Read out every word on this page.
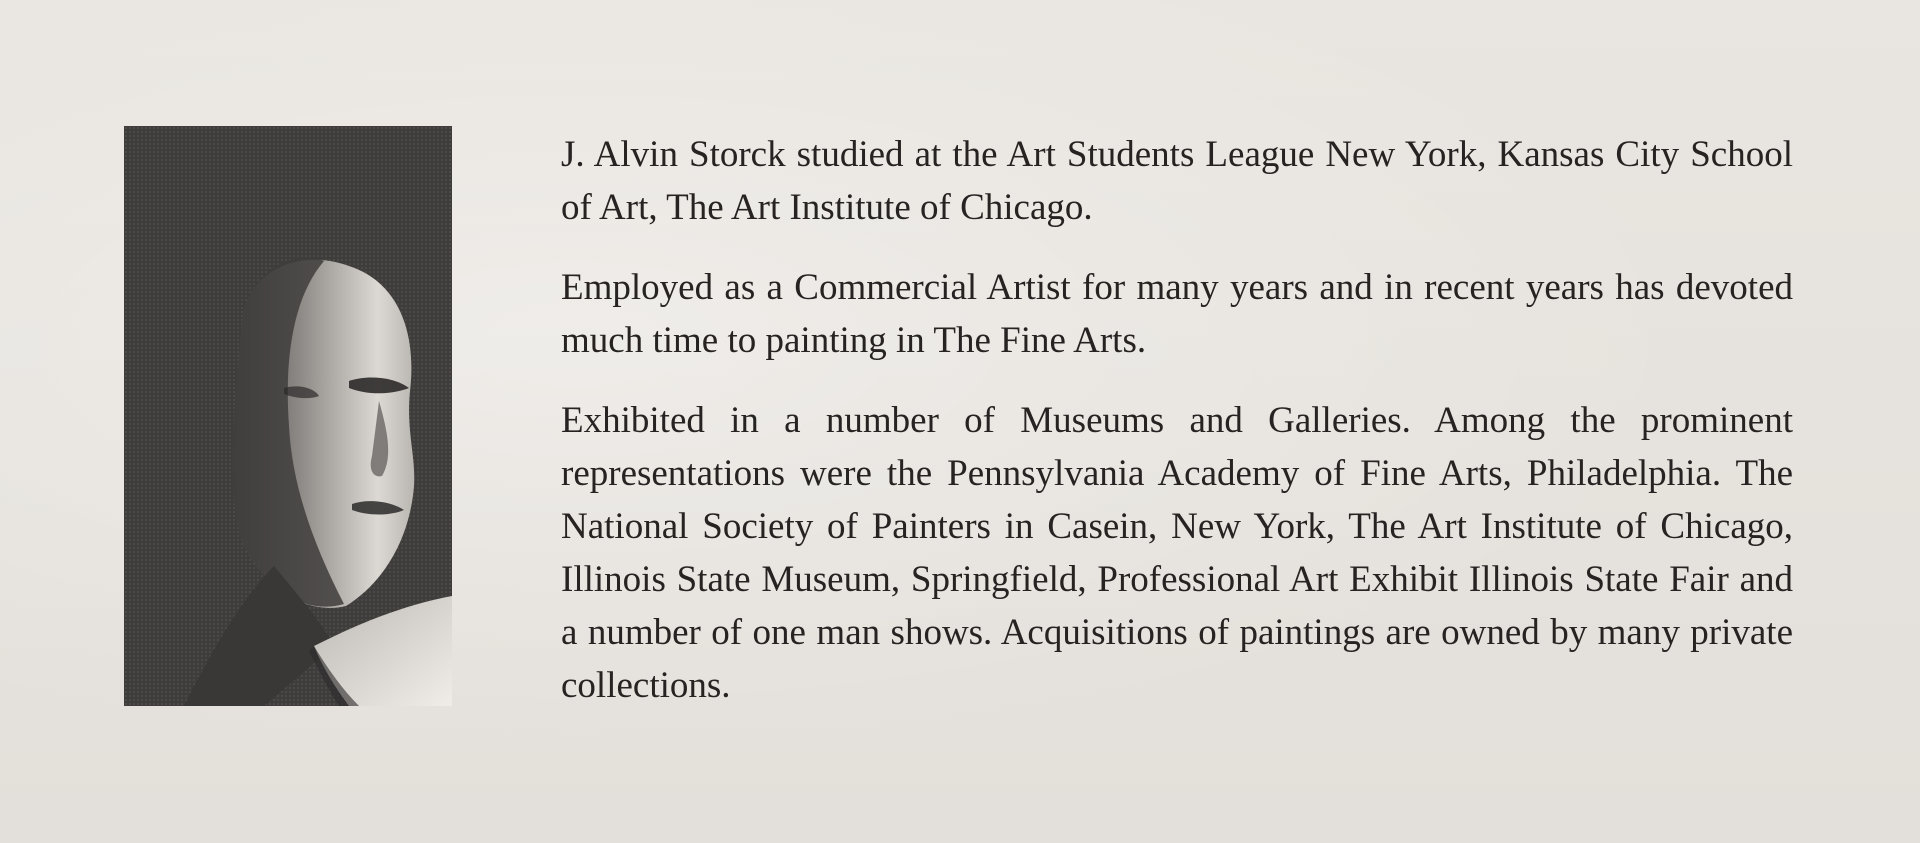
J. Alvin Storck studied at the Art Students League New York, Kansas City School of Art, The Art Institute of Chicago.

Employed as a Commercial Artist for many years and in recent years has devoted much time to painting in The Fine Arts.

Exhibited in a number of Museums and Galleries. Among the prominent representations were the Pennsylvania Academy of Fine Arts, Philadelphia. The National Society of Painters in Casein, New York, The Art Institute of Chicago, Illinois State Museum, Springfield, Professional Art Exhibit Illinois State Fair and a number of one man shows. Acquisitions of paintings are owned by many private collections.
